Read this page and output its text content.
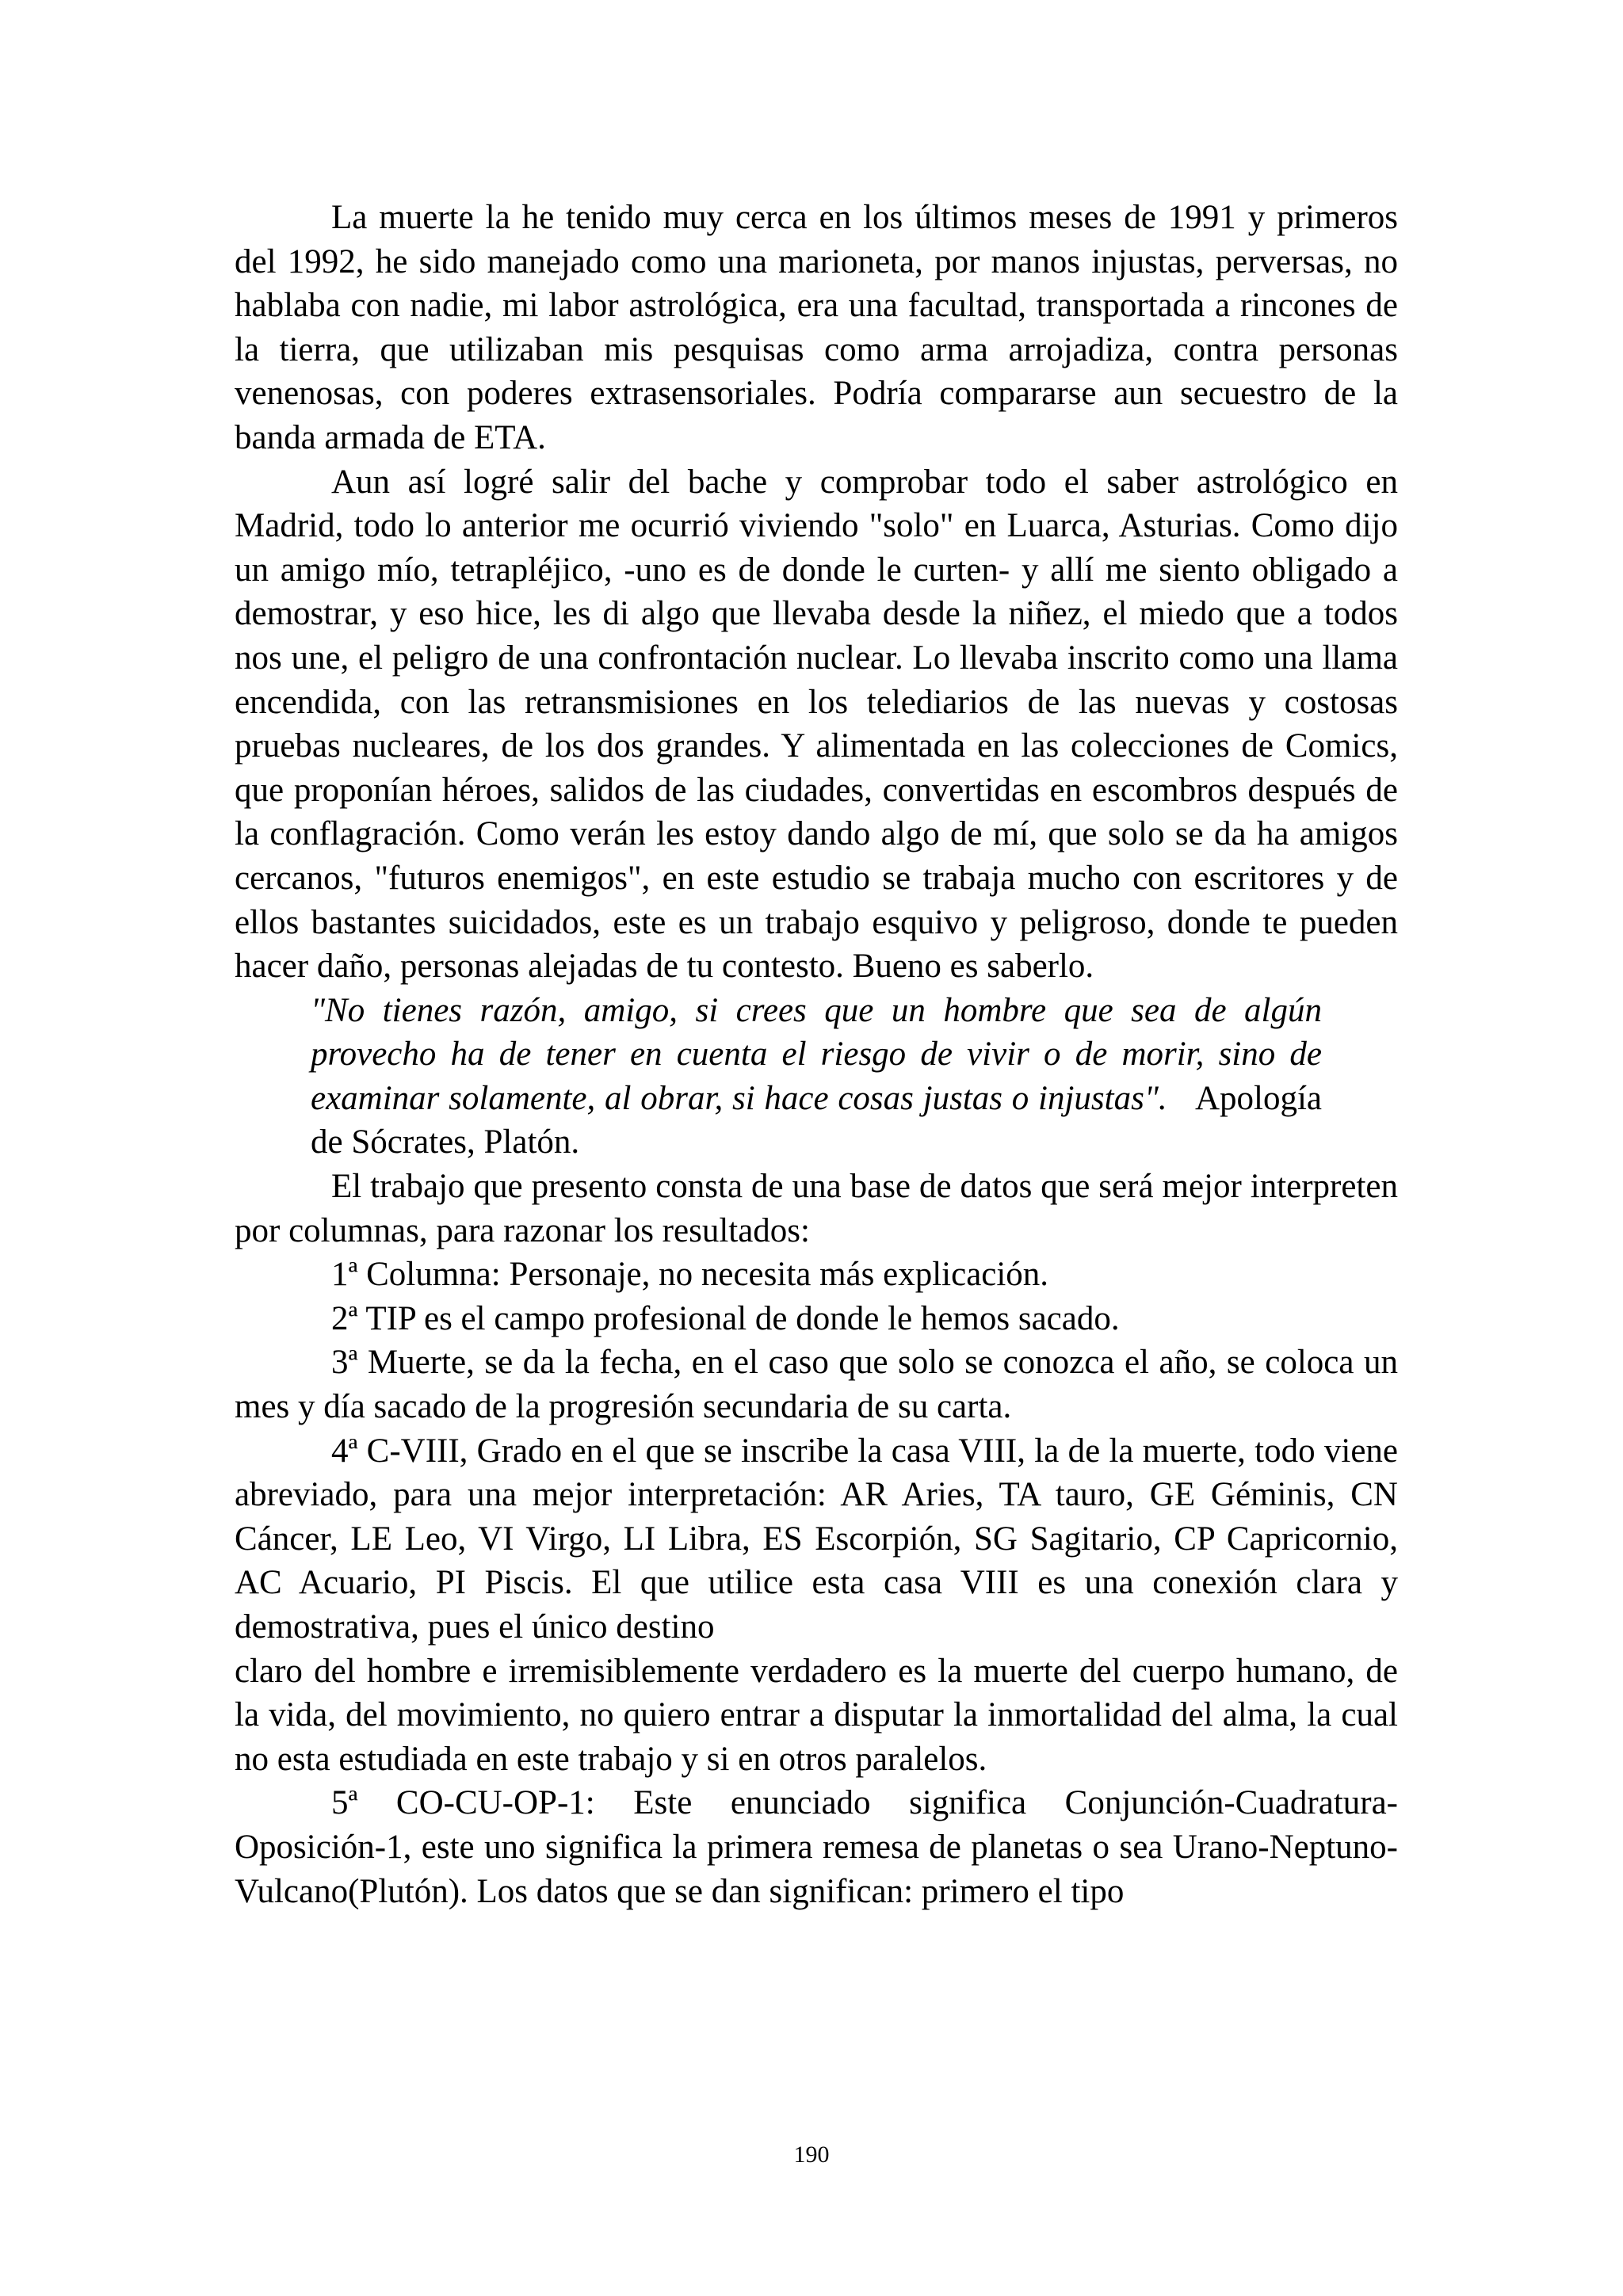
La muerte la he tenido muy cerca en los últimos meses de 1991 y primeros del 1992, he sido manejado como una marioneta, por manos injustas, perversas, no hablaba con nadie, mi labor astrológica, era una facultad, transportada a rincones de la tierra, que utilizaban mis pesquisas como arma arrojadiza, contra personas venenosas, con poderes extrasensoriales. Podría compararse aun secuestro de la banda armada de ETA.

Aun así logré salir del bache y comprobar todo el saber astrológico en Madrid, todo lo anterior me ocurrió viviendo "solo" en Luarca, Asturias. Como dijo un amigo mío, tetrapléjico, -uno es de donde le curten- y allí me siento obligado a demostrar, y eso hice, les di algo que llevaba desde la niñez, el miedo que a todos nos une, el peligro de una confrontación nuclear. Lo llevaba inscrito como una llama encendida, con las retransmisiones en los telediarios de las nuevas y costosas pruebas nucleares, de los dos grandes. Y alimentada en las colecciones de Comics, que proponían héroes, salidos de las ciudades, convertidas en escombros después de la conflagración. Como verán les estoy dando algo de mí, que solo se da ha amigos cercanos, "futuros enemigos", en este estudio se trabaja mucho con escritores y de ellos bastantes suicidados, este es un trabajo esquivo y peligroso, donde te pueden hacer daño, personas alejadas de tu contesto. Bueno es saberlo.

"No tienes razón, amigo, si crees que un hombre que sea de algún provecho ha de tener en cuenta el riesgo de vivir o de morir, sino de examinar solamente, al obrar, si hace cosas justas o injustas". Apología de Sócrates, Platón.

El trabajo que presento consta de una base de datos que será mejor interpreten por columnas, para razonar los resultados:

1ª Columna: Personaje, no necesita más explicación.

2ª TIP es el campo profesional de donde le hemos sacado.

3ª Muerte, se da la fecha, en el caso que solo se conozca el año, se coloca un mes y día sacado de la progresión secundaria de su carta.

4ª C-VIII, Grado en el que se inscribe la casa VIII, la de la muerte, todo viene abreviado, para una mejor interpretación: AR Aries, TA tauro, GE Géminis, CN Cáncer, LE Leo, VI Virgo, LI Libra, ES Escorpión, SG Sagitario, CP Capricornio, AC Acuario, PI Piscis. El que utilice esta casa VIII es una conexión clara y demostrativa, pues el único destino

claro del hombre e irremisiblemente verdadero es la muerte del cuerpo humano, de la vida, del movimiento, no quiero entrar a disputar la inmortalidad del alma, la cual no esta estudiada en este trabajo y si en otros paralelos.

5ª CO-CU-OP-1: Este enunciado significa Conjunción-Cuadratura-Oposición-1, este uno significa la primera remesa de planetas o sea Urano-Neptuno-Vulcano(Plutón). Los datos que se dan significan: primero el tipo

190
